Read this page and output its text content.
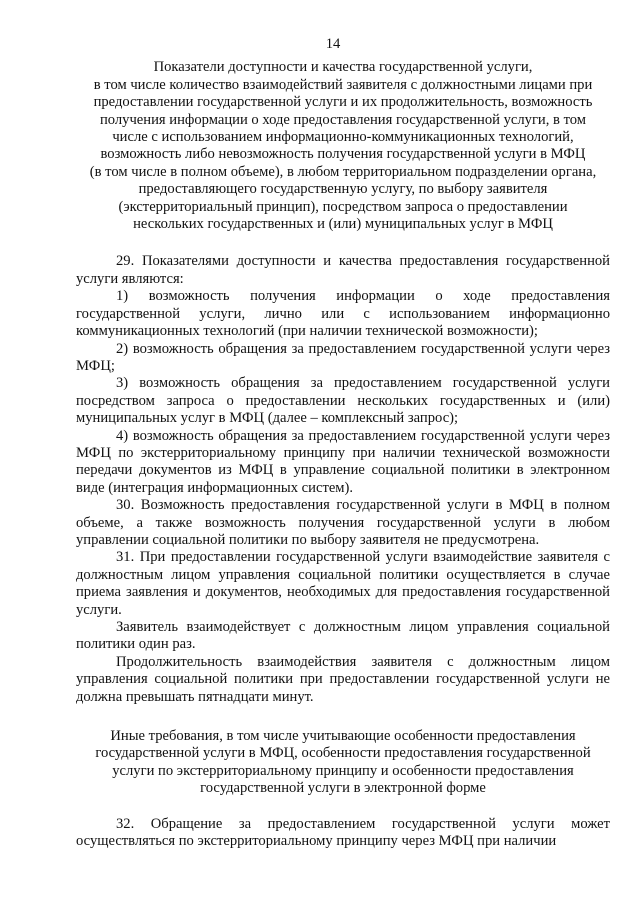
14
Показатели доступности и качества государственной услуги,
в том числе количество взаимодействий заявителя с должностными лицами при
предоставлении государственной услуги и их продолжительность, возможность
получения информации о ходе предоставления государственной услуги, в том
числе с использованием информационно-коммуникационных технологий,
возможность либо невозможность получения государственной услуги в МФЦ
(в том числе в полном объеме), в любом территориальном подразделении органа,
предоставляющего государственную услугу, по выбору заявителя
(экстерриториальный принцип), посредством запроса о предоставлении
нескольких государственных и (или) муниципальных услуг в МФЦ

29. Показателями доступности и качества предоставления государственной услуги являются:

1) возможность получения информации о ходе предоставления государственной услуги, лично или с использованием информационно коммуникационных технологий (при наличии технической возможности);

2) возможность обращения за предоставлением государственной услуги через МФЦ;

3) возможность обращения за предоставлением государственной услуги посредством запроса о предоставлении нескольких государственных и (или) муниципальных услуг в МФЦ (далее – комплексный запрос);

4) возможность обращения за предоставлением государственной услуги через МФЦ по экстерриториальному принципу при наличии технической возможности передачи документов из МФЦ в управление социальной политики в электронном виде (интеграция информационных систем).

30. Возможность предоставления государственной услуги в МФЦ в полном объеме, а также возможность получения государственной услуги в любом управлении социальной политики по выбору заявителя не предусмотрена.

31. При предоставлении государственной услуги взаимодействие заявителя с должностным лицом управления социальной политики осуществляется в случае приема заявления и документов, необходимых для предоставления государственной услуги.

Заявитель взаимодействует с должностным лицом управления социальной политики один раз.

Продолжительность взаимодействия заявителя с должностным лицом управления социальной политики при предоставлении государственной услуги не должна превышать пятнадцати минут.

Иные требования, в том числе учитывающие особенности предоставления
государственной услуги в МФЦ, особенности предоставления государственной
услуги по экстерриториальному принципу и особенности предоставления
государственной услуги в электронной форме

32. Обращение за предоставлением государственной услуги может осуществляться по экстерриториальному принципу через МФЦ при наличии
